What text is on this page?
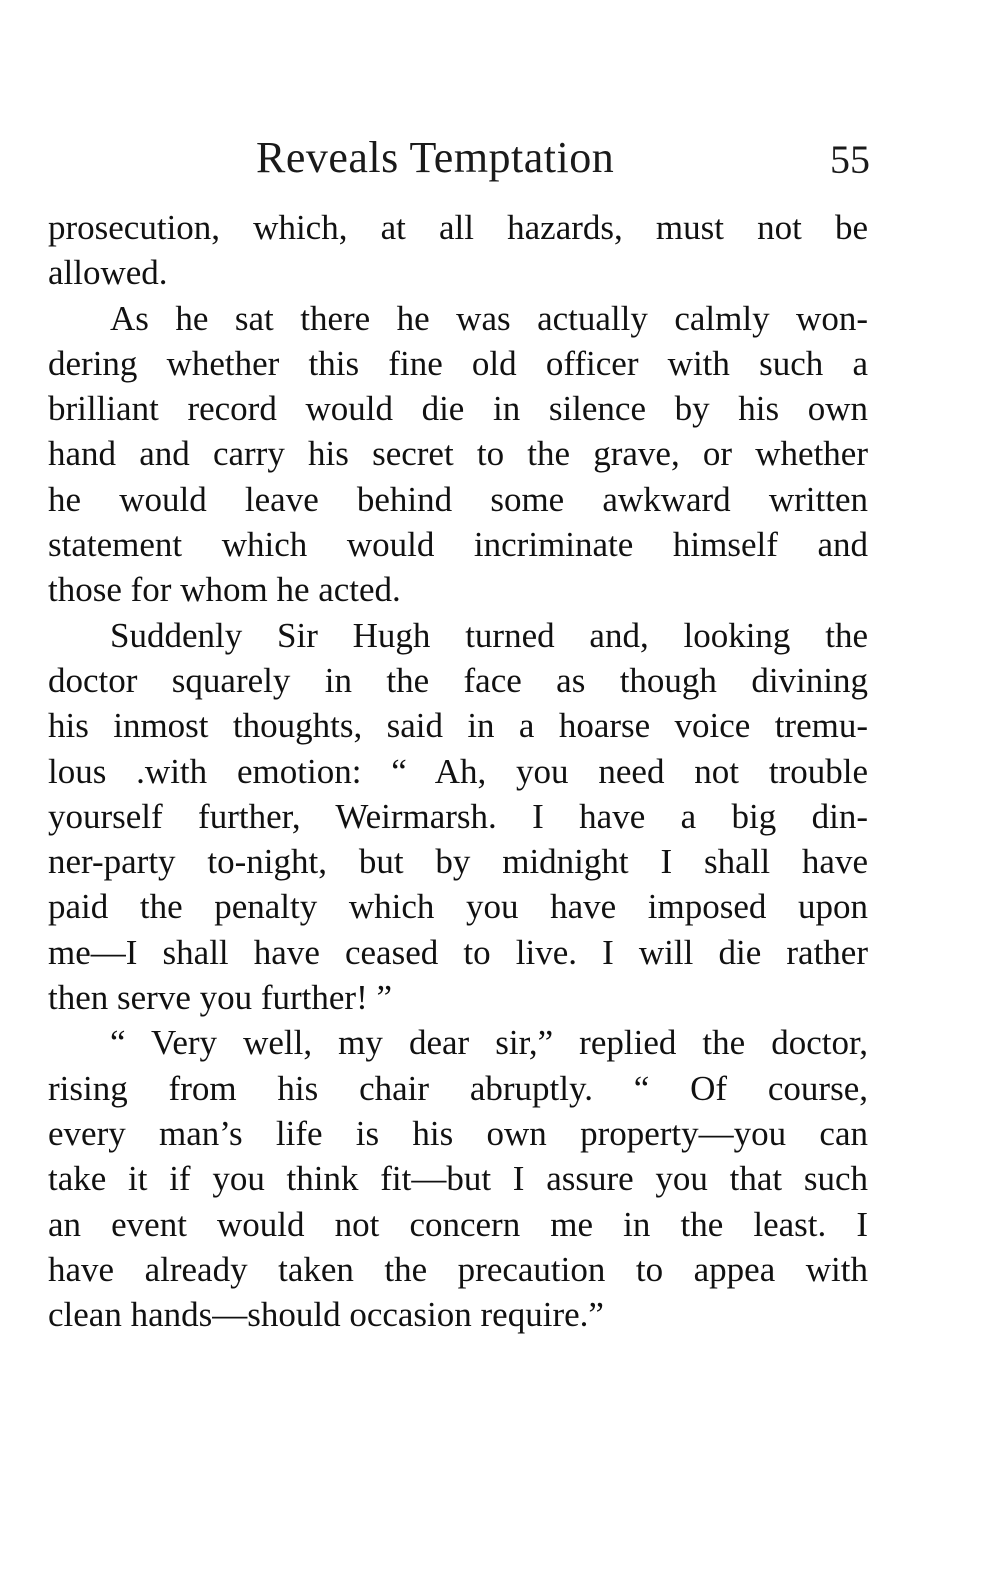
Reveals Temptation	55
prosecution, which, at all hazards, must not be
allowed.
As he sat there he was actually calmly won-
dering whether this fine old officer with such a
brilliant record would die in silence by his own
hand and carry his secret to the grave, or whether
he would leave behind some awkward written
statement which would incriminate himself and
those for whom he acted.
Suddenly Sir Hugh turned and, looking the
doctor squarely in the face as though divining
his inmost thoughts, said in a hoarse voice tremu-
lous .with emotion: “ Ah, you need not trouble
yourself further, Weirmarsh. I have a big din-
ner-party to-night, but by midnight I shall have
paid the penalty which you have imposed upon
me—I shall have ceased to live. I will die rather
then serve you further! ”
“ Very well, my dear sir,” replied the doctor,
rising from his chair abruptly. “ Of course,
every man’s life is his own property—you can
take it if you think fit—but I assure you that such
an event would not concern me in the least. I
have already taken the precaution to appea with
clean hands—should occasion require.”
